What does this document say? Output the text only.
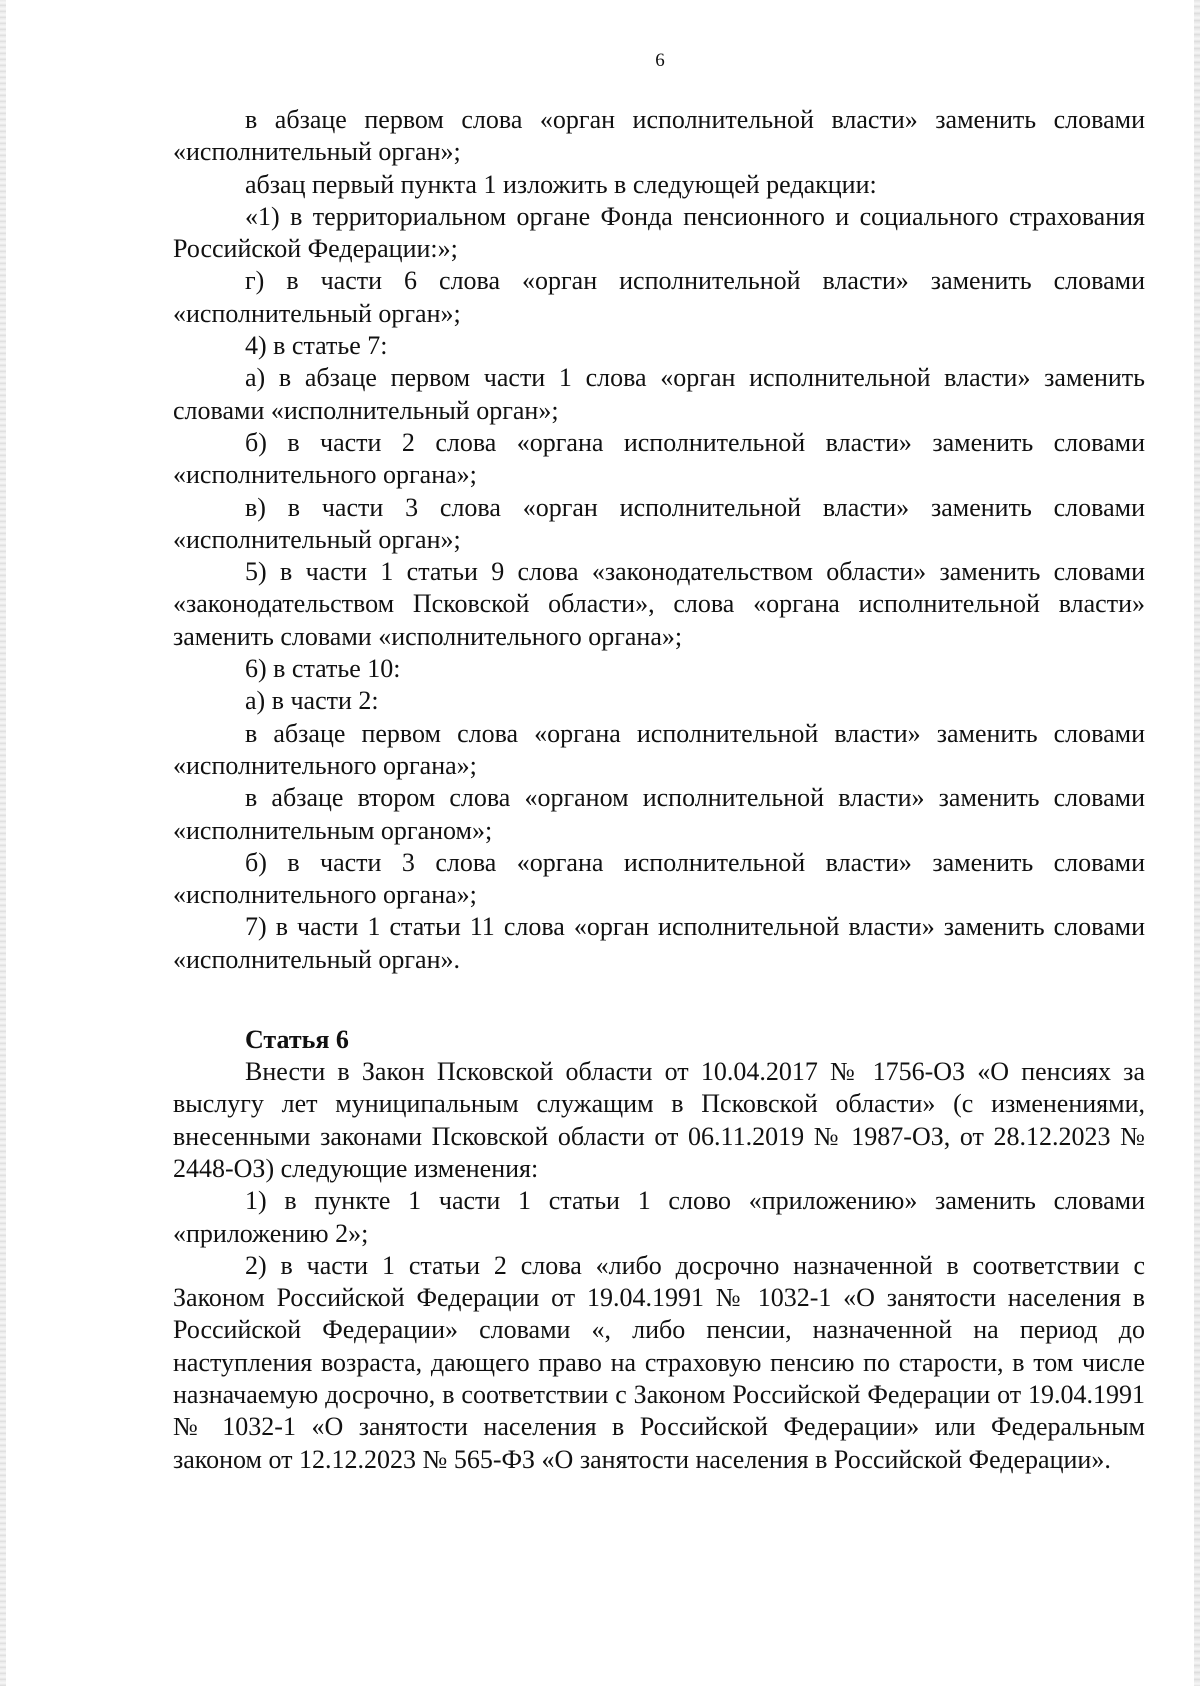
6

в абзаце первом слова «орган исполнительной власти» заменить словами «исполнительный орган»;

абзац первый пункта 1 изложить в следующей редакции:

«1) в территориальном органе Фонда пенсионного и социального страхования Российской Федерации:»;

г) в части 6 слова «орган исполнительной власти» заменить словами «исполнительный орган»;

4) в статье 7:

а) в абзаце первом части 1 слова «орган исполнительной власти» заменить словами «исполнительный орган»;

б) в части 2 слова «органа исполнительной власти» заменить словами «исполнительного органа»;

в) в части 3 слова «орган исполнительной власти» заменить словами «исполнительный орган»;

5) в части 1 статьи 9 слова «законодательством области» заменить словами «законодательством Псковской области», слова «органа исполнительной власти» заменить словами «исполнительного органа»;

6) в статье 10:

а) в части 2:

в абзаце первом слова «органа исполнительной власти» заменить словами «исполнительного органа»;

в абзаце втором слова «органом исполнительной власти» заменить словами «исполнительным органом»;

б) в части 3 слова «органа исполнительной власти» заменить словами «исполнительного органа»;

7) в части 1 статьи 11 слова «орган исполнительной власти» заменить словами «исполнительный орган».

Статья 6

Внести в Закон Псковской области от 10.04.2017 № 1756-ОЗ «О пенсиях за выслугу лет муниципальным служащим в Псковской области» (с изменениями, внесенными законами Псковской области от 06.11.2019 № 1987-ОЗ, от 28.12.2023 № 2448-ОЗ) следующие изменения:

1) в пункте 1 части 1 статьи 1 слово «приложению» заменить словами «приложению 2»;

2) в части 1 статьи 2 слова «либо досрочно назначенной в соответствии с Законом Российской Федерации от 19.04.1991 № 1032-1 «О занятости населения в Российской Федерации» словами «, либо пенсии, назначенной на период до наступления возраста, дающего право на страховую пенсию по старости, в том числе назначаемую досрочно, в соответствии с Законом Российской Федерации от 19.04.1991 № 1032-1 «О занятости населения в Российской Федерации» или Федеральным законом от 12.12.2023 № 565-ФЗ «О занятости населения в Российской Федерации».
